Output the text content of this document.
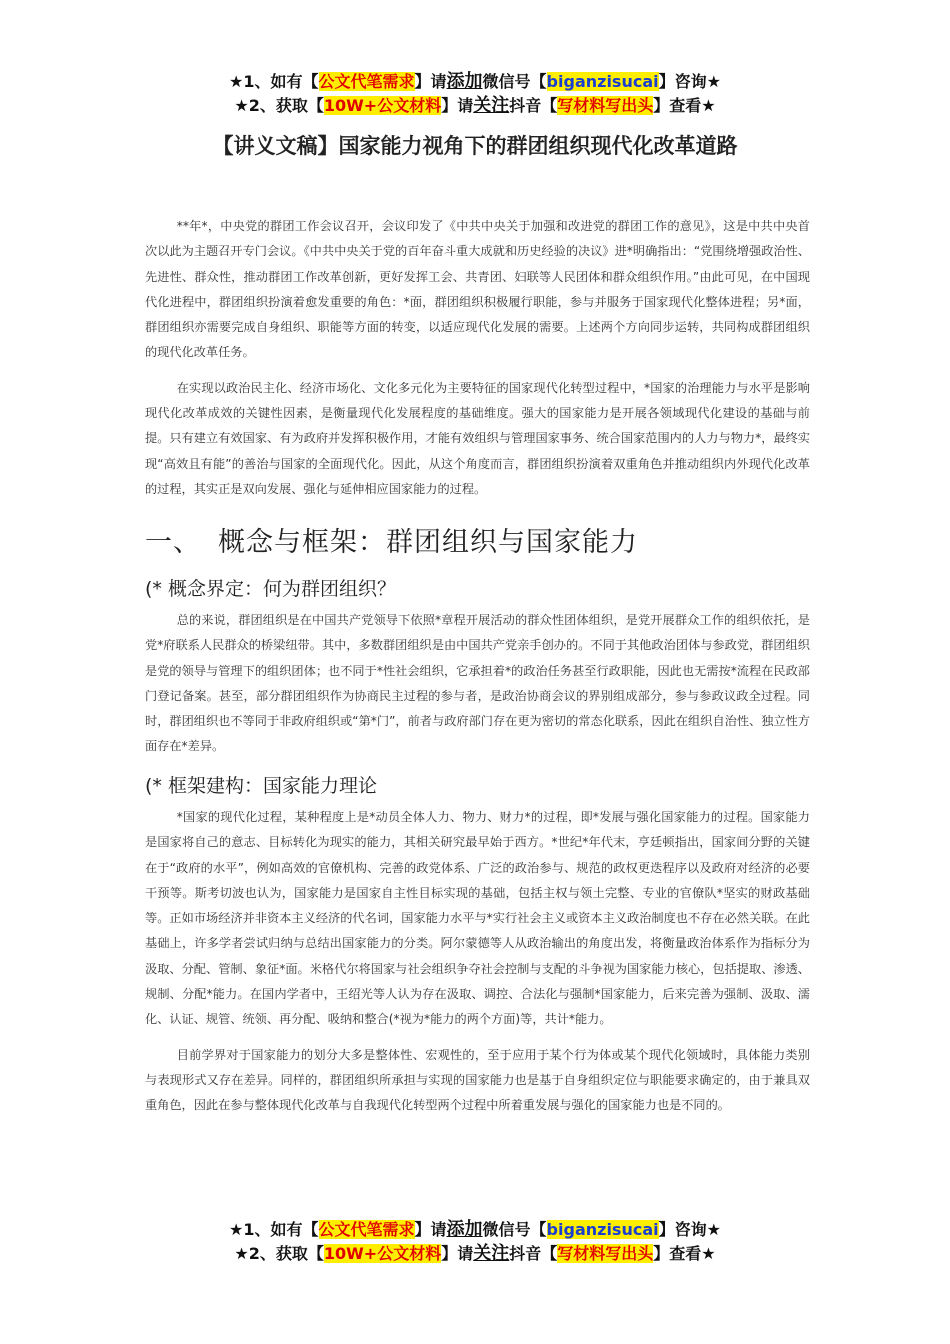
★1、如有【公文代笔需求】请添加微信号【biganzisucai】咨询★
★2、获取【10W+公文材料】请关注抖音【写材料写出头】查看★
【讲义文稿】国家能力视角下的群团组织现代化改革道路

**年*，中央党的群团工作会议召开，会议印发了《中共中央关于加强和改进党的群团工作的意见》，这是中共中央首次以此为主题召开专门会议。《中共中央关于党的百年奋斗重大成就和历史经验的决议》进*明确指出：“党围绕增强政治性、先进性、群众性，推动群团工作改革创新，更好发挥工会、共青团、妇联等人民团体和群众组织作用。”由此可见，在中国现代化进程中，群团组织扮演着愈发重要的角色：*面，群团组织积极履行职能，参与并服务于国家现代化整体进程；另*面，群团组织亦需要完成自身组织、职能等方面的转变，以适应现代化发展的需要。上述两个方向同步运转，共同构成群团组织的现代化改革任务。

在实现以政治民主化、经济市场化、文化多元化为主要特征的国家现代化转型过程中，*国家的治理能力与水平是影响现代化改革成效的关键性因素，是衡量现代化发展程度的基础维度。强大的国家能力是开展各领域现代化建设的基础与前提。只有建立有效国家、有为政府并发挥积极作用，才能有效组织与管理国家事务、统合国家范围内的人力与物力*，最终实现“高效且有能”的善治与国家的全面现代化。因此，从这个角度而言，群团组织扮演着双重角色并推动组织内外现代化改革的过程，其实正是双向发展、强化与延伸相应国家能力的过程。

一、 概念与框架：群团组织与国家能力
(* 概念界定：何为群团组织？

总的来说，群团组织是在中国共产党领导下依照*章程开展活动的群众性团体组织，是党开展群众工作的组织依托，是党*府联系人民群众的桥梁纽带。其中，多数群团组织是由中国共产党亲手创办的。不同于其他政治团体与参政党，群团组织是党的领导与管理下的组织团体；也不同于*性社会组织，它承担着*的政治任务甚至行政职能，因此也无需按*流程在民政部门登记备案。甚至，部分群团组织作为协商民主过程的参与者，是政治协商会议的界别组成部分，参与参政议政全过程。同时，群团组织也不等同于非政府组织或“第*门”，前者与政府部门存在更为密切的常态化联系，因此在组织自治性、独立性方面存在*差异。

(* 框架建构：国家能力理论

*国家的现代化过程，某种程度上是*动员全体人力、物力、财力*的过程，即*发展与强化国家能力的过程。国家能力是国家将自己的意志、目标转化为现实的能力，其相关研究最早始于西方。*世纪*年代末，亨廷顿指出，国家间分野的关键在于“政府的水平”，例如高效的官僚机构、完善的政党体系、广泛的政治参与、规范的政权更迭程序以及政府对经济的必要干预等。斯考切波也认为，国家能力是国家自主性目标实现的基础，包括主权与领土完整、专业的官僚队*坚实的财政基础等。正如市场经济并非资本主义经济的代名词，国家能力水平与*实行社会主义或资本主义政治制度也不存在必然关联。在此基础上，许多学者尝试归纳与总结出国家能力的分类。阿尔蒙德等人从政治输出的角度出发，将衡量政治体系作为指标分为汲取、分配、管制、象征*面。米格代尔将国家与社会组织争夺社会控制与支配的斗争视为国家能力核心，包括提取、渗透、规制、分配*能力。在国内学者中，王绍光等人认为存在汲取、调控、合法化与强制*国家能力，后来完善为强制、汲取、濡化、认证、规管、统领、再分配、吸纳和整合(*视为*能力的两个方面)等，共计*能力。

目前学界对于国家能力的划分大多是整体性、宏观性的，至于应用于某个行为体或某个现代化领域时，具体能力类别与表现形式又存在差异。同样的，群团组织所承担与实现的国家能力也是基于自身组织定位与职能要求确定的，由于兼具双重角色，因此在参与整体现代化改革与自我现代化转型两个过程中所着重发展与强化的国家能力也是不同的。

★1、如有【公文代笔需求】请添加微信号【biganzisucai】咨询★
★2、获取【10W+公文材料】请关注抖音【写材料写出头】查看★
